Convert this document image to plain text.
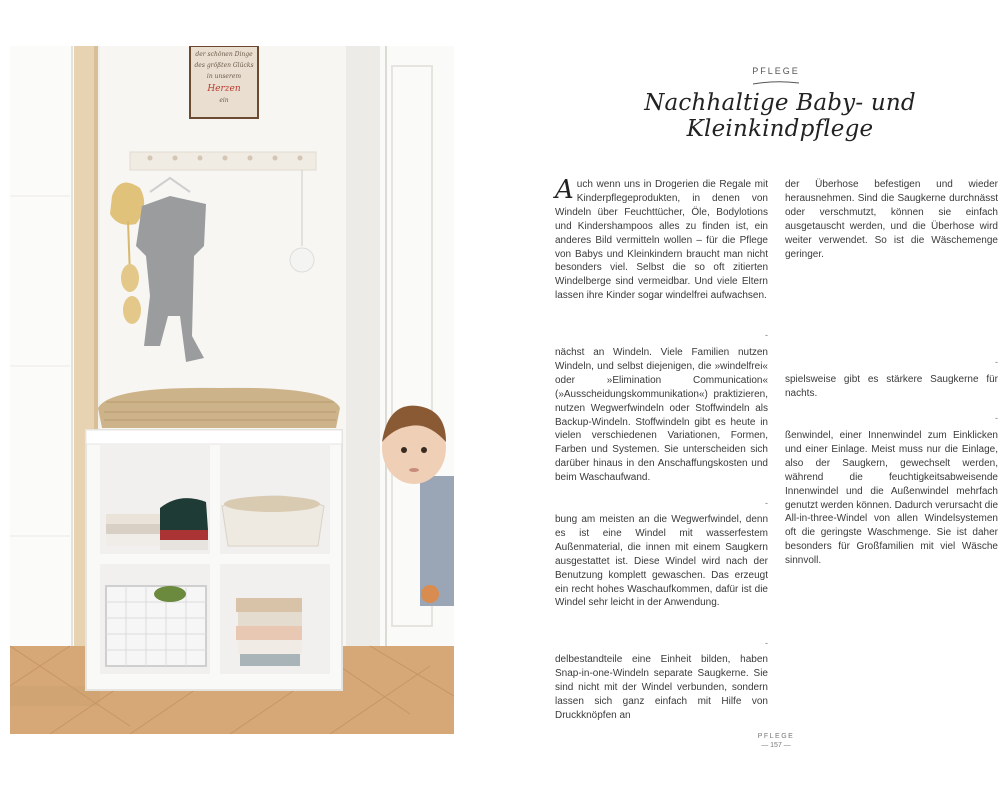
der schönen Dinge
des größten Glücks
in unserem
Herzen
ein
PFLEGE
Nachhaltige Baby- und Kleinkindpflege

Auch wenn uns in Drogerien die Regale mit Kinderpflegeprodukten, in denen von Windeln über Feuchttücher, Öle, Bodylotions und Kindershampoos alles zu finden ist, ein anderes Bild vermitteln wollen – für die Pflege von Babys und Kleinkindern braucht man nicht besonders viel. Selbst die so oft zitierten Windelberge sind vermeidbar. Und viele Eltern lassen ihre Kinder sogar windelfrei aufwachsen.

-

nächst an Windeln. Viele Familien nutzen Windeln, und selbst diejenigen, die »windelfrei« oder »Elimination Communication« (»Ausscheidungskommunikation«) praktizieren, nutzen Wegwerfwindeln oder Stoffwindeln als Backup-Windeln. Stoffwindeln gibt es heute in vielen verschiedenen Variationen, Formen, Farben und Systemen. Sie unterscheiden sich darüber hinaus in den Anschaffungskosten und beim Waschaufwand.

-

bung am meisten an die Wegwerfwindel, denn es ist eine Windel mit wasserfestem Außenmaterial, die innen mit einem Saugkern ausgestattet ist. Diese Windel wird nach der Benutzung komplett gewaschen. Das erzeugt ein recht hohes Waschaufkommen, dafür ist die Windel sehr leicht in der Anwendung.

-

delbestandteile eine Einheit bilden, haben Snap-in-one-Windeln separate Saugkerne. Sie sind nicht mit der Windel verbunden, sondern lassen sich ganz einfach mit Hilfe von Druckknöpfen an

der Überhose befestigen und wieder herausnehmen. Sind die Saugkerne durchnässt oder verschmutzt, können sie einfach ausgetauscht werden, und die Überhose wird weiter verwendet. So ist die Wäschemenge geringer.

-

spielsweise gibt es stärkere Saugkerne für nachts.

-

ßenwindel, einer Innenwindel zum Einklicken und einer Einlage. Meist muss nur die Einlage, also der Saugkern, gewechselt werden, während die feuchtigkeitsabweisende Innenwindel und die Außenwindel mehrfach genutzt werden können. Dadurch verursacht die All-in-three-Windel von allen Windelsystemen oft die geringste Waschmenge. Sie ist daher besonders für Großfamilien mit viel Wäsche sinnvoll.

PFLEGE
— 157 —
